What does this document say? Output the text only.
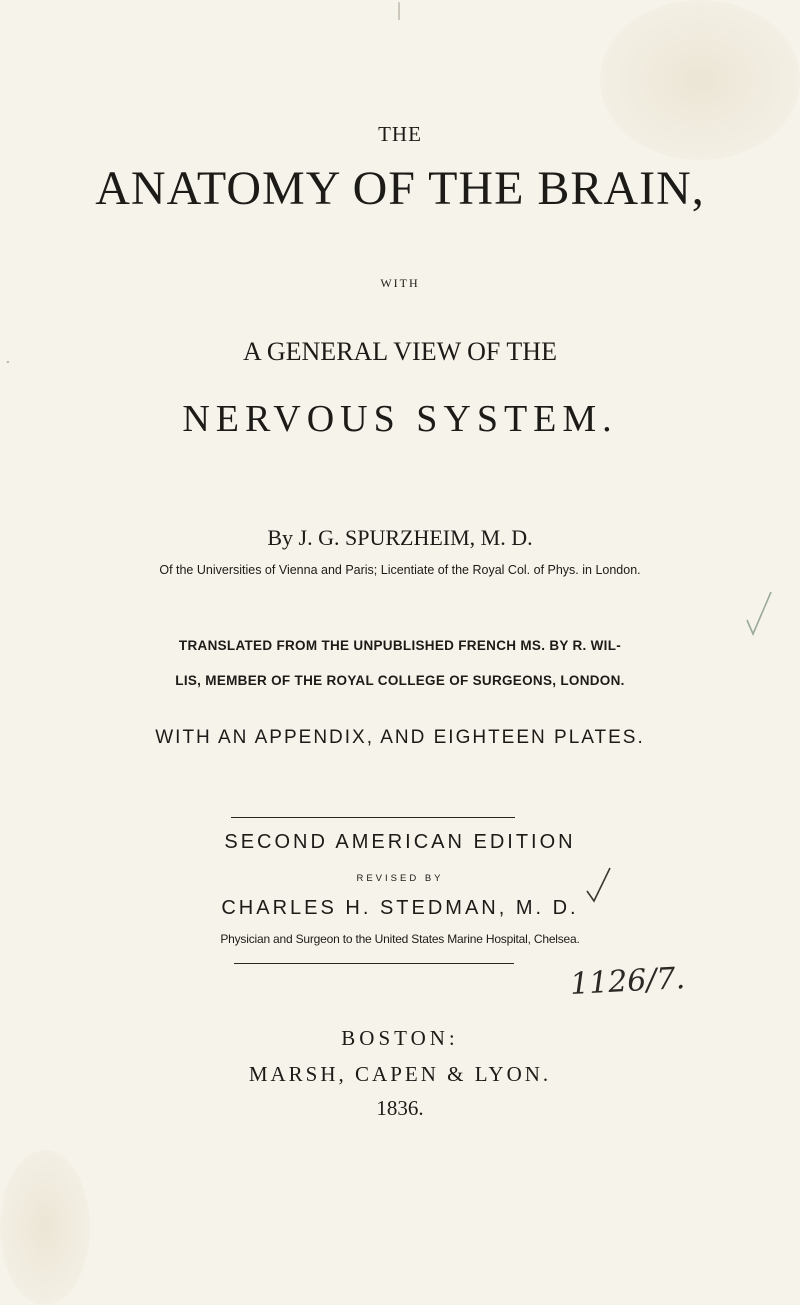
THE
ANATOMY OF THE BRAIN,
WITH
A GENERAL VIEW OF THE
NERVOUS SYSTEM.
By J. G. SPURZHEIM, M. D.
Of the Universities of Vienna and Paris; Licentiate of the Royal Col. of Phys. in London.
TRANSLATED FROM THE UNPUBLISHED FRENCH MS. BY R. WIL-
LIS, MEMBER OF THE ROYAL COLLEGE OF SURGEONS, LONDON.
WITH AN APPENDIX, AND EIGHTEEN PLATES.
SECOND AMERICAN EDITION
REVISED BY
CHARLES H. STEDMAN, M. D.
Physician and Surgeon to the United States Marine Hospital, Chelsea.
BOSTON:
MARSH, CAPEN & LYON.
1836.
1126/7.
.
|
